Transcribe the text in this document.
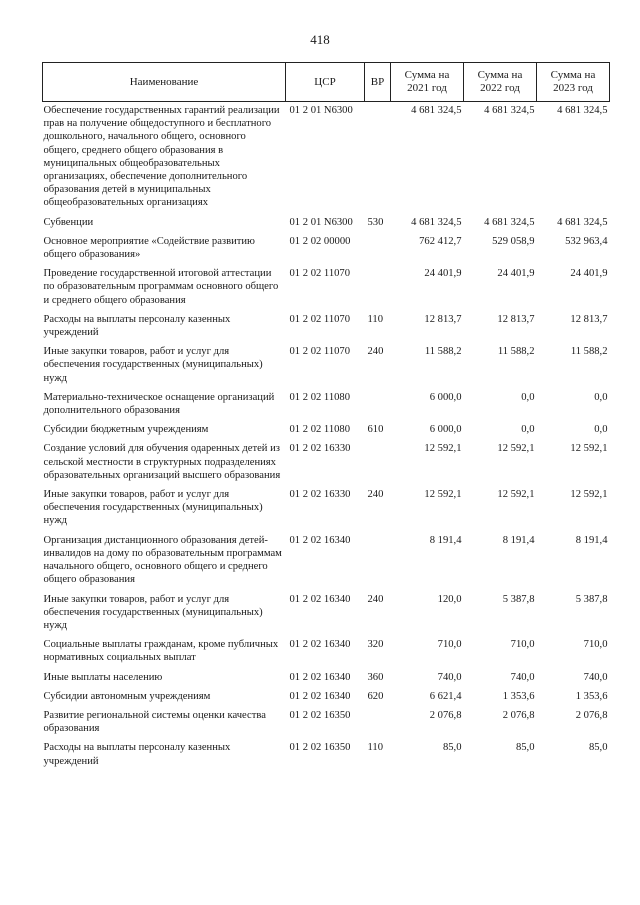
418
Наименование	ЦСР	ВР	Сумма на 2021 год	Сумма на 2022 год	Сумма на 2023 год
Обеспечение государственных гарантий реализации прав на получение общедоступного и бесплатного дошкольного, начального общего, основного общего, среднего общего образования в муниципальных общеобразовательных организациях, обеспечение дополнительного образования детей в муниципальных общеобразовательных организациях	01 2 01 N6300		4 681 324,5	4 681 324,5	4 681 324,5
Субвенции	01 2 01 N6300	530	4 681 324,5	4 681 324,5	4 681 324,5
Основное мероприятие «Содействие развитию общего образования»	01 2 02 00000		762 412,7	529 058,9	532 963,4
Проведение государственной итоговой аттестации по образовательным программам основного общего и среднего общего образования	01 2 02 11070		24 401,9	24 401,9	24 401,9
Расходы на выплаты персоналу казенных учреждений	01 2 02 11070	110	12 813,7	12 813,7	12 813,7
Иные закупки товаров, работ и услуг для обеспечения государственных (муниципальных) нужд	01 2 02 11070	240	11 588,2	11 588,2	11 588,2
Материально-техническое оснащение организаций дополнительного образования	01 2 02 11080		6 000,0	0,0	0,0
Субсидии бюджетным учреждениям	01 2 02 11080	610	6 000,0	0,0	0,0
Создание условий для обучения одаренных детей из сельской местности в структурных подразделениях образовательных организаций высшего образования	01 2 02 16330		12 592,1	12 592,1	12 592,1
Иные закупки товаров, работ и услуг для обеспечения государственных (муниципальных) нужд	01 2 02 16330	240	12 592,1	12 592,1	12 592,1
Организация дистанционного образования детей-инвалидов на дому по образовательным программам начального общего, основного общего и среднего общего образования	01 2 02 16340		8 191,4	8 191,4	8 191,4
Иные закупки товаров, работ и услуг для обеспечения государственных (муниципальных) нужд	01 2 02 16340	240	120,0	5 387,8	5 387,8
Социальные выплаты гражданам, кроме публичных нормативных социальных выплат	01 2 02 16340	320	710,0	710,0	710,0
Иные выплаты населению	01 2 02 16340	360	740,0	740,0	740,0
Субсидии автономным учреждениям	01 2 02 16340	620	6 621,4	1 353,6	1 353,6
Развитие региональной системы оценки качества образования	01 2 02 16350		2 076,8	2 076,8	2 076,8
Расходы на выплаты персоналу казенных учреждений	01 2 02 16350	110	85,0	85,0	85,0
